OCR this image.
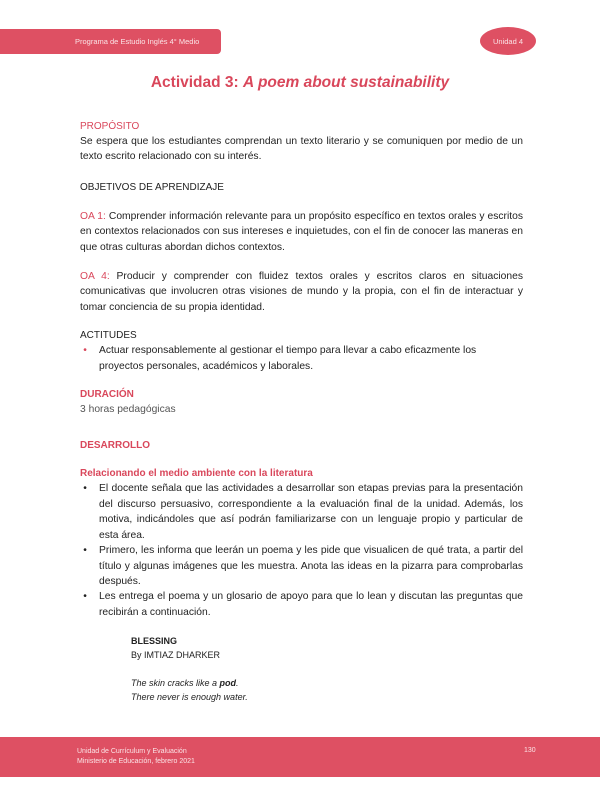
Programa de Estudio Inglés 4° Medio	Unidad 4
Actividad 3: A poem about sustainability
PROPÓSITO

Se espera que los estudiantes comprendan un texto literario y se comuniquen por medio de un texto escrito relacionado con su interés.

OBJETIVOS DE APRENDIZAJE

OA 1: Comprender información relevante para un propósito específico en textos orales y escritos en contextos relacionados con sus intereses e inquietudes, con el fin de conocer las maneras en que otras culturas abordan dichos contextos.

OA 4: Producir y comprender con fluidez textos orales y escritos claros en situaciones comunicativas que involucren otras visiones de mundo y la propia, con el fin de interactuar y tomar conciencia de su propia identidad.

ACTITUDES
•	Actuar responsablemente al gestionar el tiempo para llevar a cabo eficazmente los proyectos personales, académicos y laborales.
DURACIÓN

3 horas pedagógicas

DESARROLLO
Relacionando el medio ambiente con la literatura
•	El docente señala que las actividades a desarrollar son etapas previas para la presentación del discurso persuasivo, correspondiente a la evaluación final de la unidad. Además, los motiva, indicándoles que así podrán familiarizarse con un lenguaje propio y particular de esta área.
•	Primero, les informa que leerán un poema y les pide que visualicen de qué trata, a partir del título y algunas imágenes que les muestra. Anota las ideas en la pizarra para comprobarlas después.
•	Les entrega el poema y un glosario de apoyo para que lo lean y discutan las preguntas que recibirán a continuación.
BLESSING
By IMTIAZ DHARKER
The skin cracks like a pod.
There never is enough water.
Unidad de Currículum y Evaluación
Ministerio de Educación, febrero 2021
130
